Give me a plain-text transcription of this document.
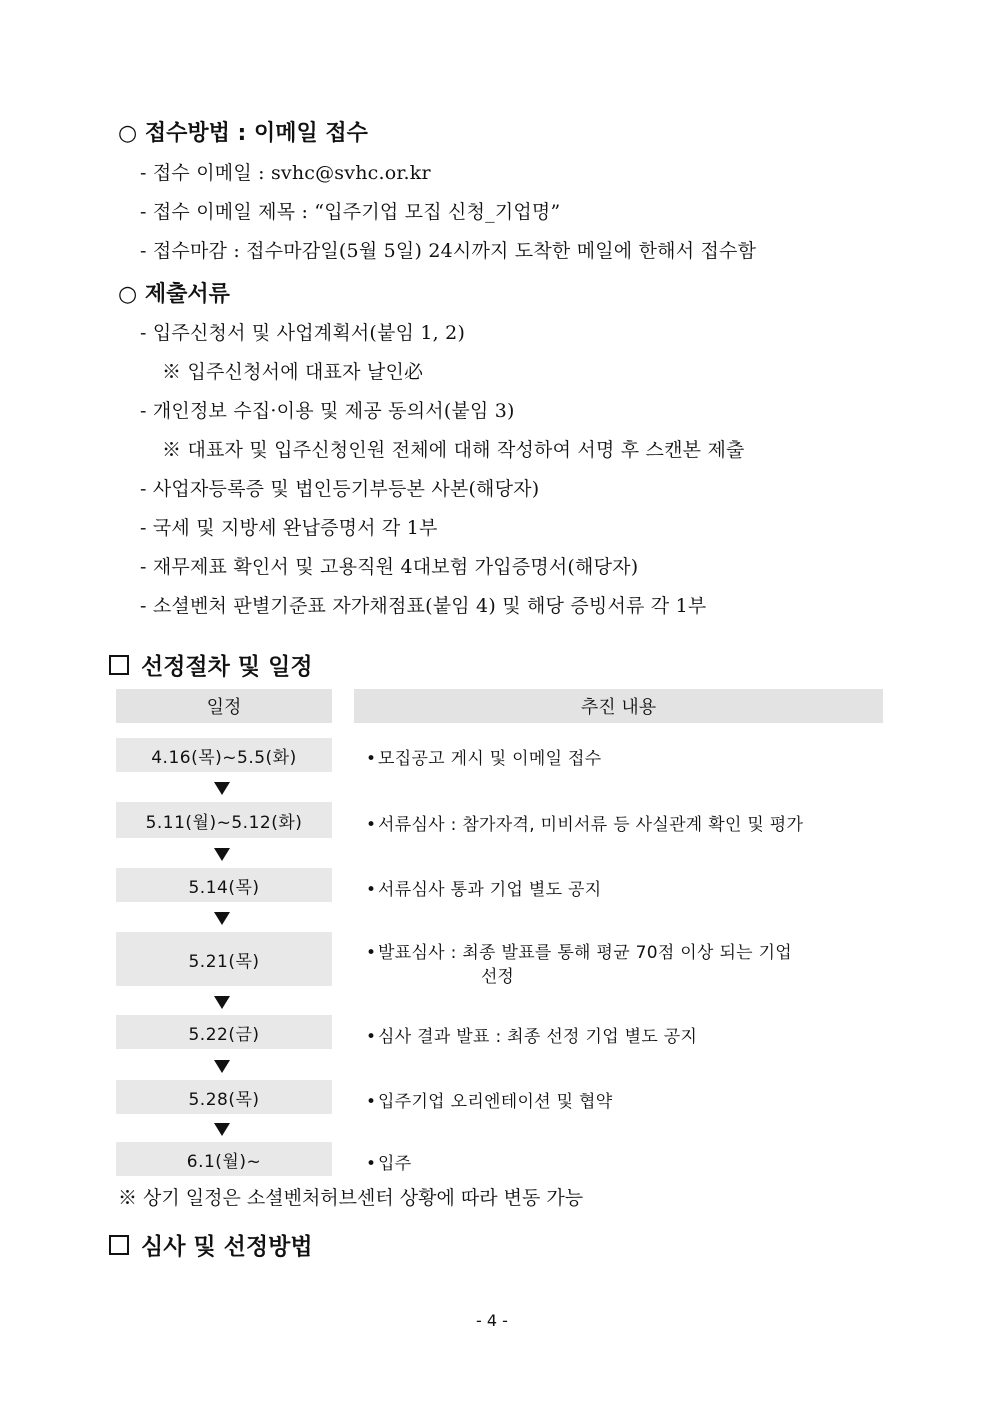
○ 접수방법 : 이메일 접수
- 접수 이메일 : svhc@svhc.or.kr
- 접수 이메일 제목 : “입주기업 모집 신청_기업명”
- 접수마감 : 접수마감일(5월 5일) 24시까지 도착한 메일에 한해서 접수함
○ 제출서류
- 입주신청서 및 사업계획서(붙임 1, 2)
※ 입주신청서에 대표자 날인必
- 개인정보 수집·이용 및 제공 동의서(붙임 3)
※ 대표자 및 입주신청인원 전체에 대해 작성하여 서명 후 스캔본 제출
- 사업자등록증 및 법인등기부등본 사본(해당자)
- 국세 및 지방세 완납증명서 각 1부
- 재무제표 확인서 및 고용직원 4대보험 가입증명서(해당자)
- 소셜벤처 판별기준표 자가채점표(붙임 4) 및 해당 증빙서류 각 1부
선정절차 및 일정
일정	추진 내용
4.16(목)~5.5(화)	•모집공고 게시 및 이메일 접수
5.11(월)~5.12(화)	•서류심사 : 참가자격, 미비서류 등 사실관계 확인 및 평가
5.14(목)	•서류심사 통과 기업 별도 공지
5.21(목)	•발표심사 : 최종 발표를 통해 평균 70점 이상 되는 기업
선정
5.22(금)	•심사 결과 발표 : 최종 선정 기업 별도 공지
5.28(목)	•입주기업 오리엔테이션 및 협약
6.1(월)~	•입주
※ 상기 일정은 소셜벤처허브센터 상황에 따라 변동 가능
심사 및 선정방법
- 4 -
